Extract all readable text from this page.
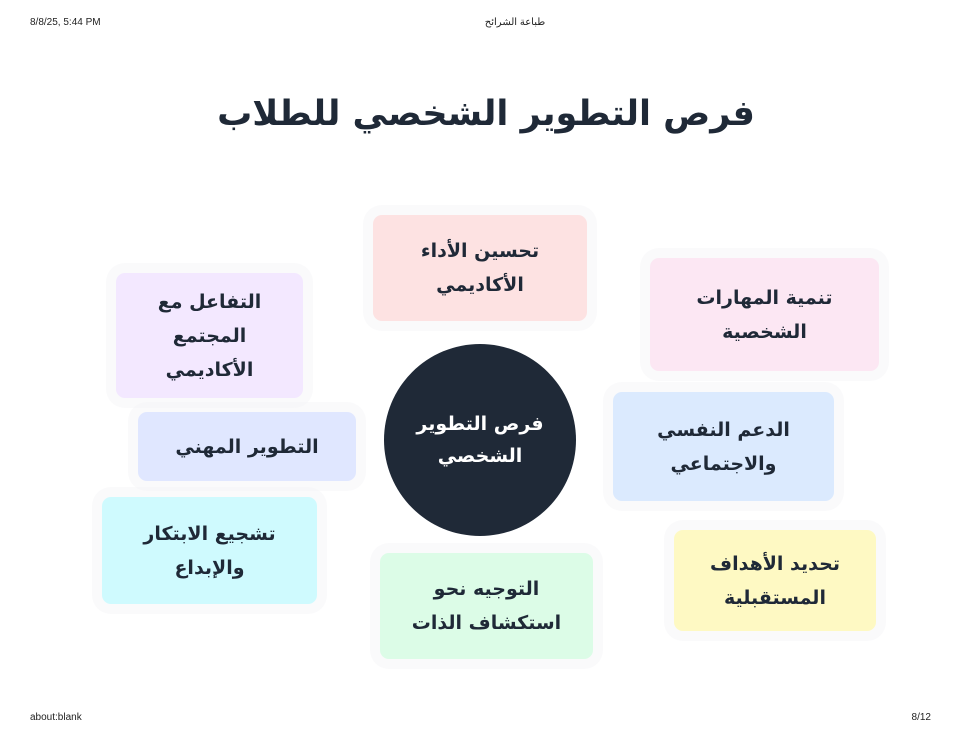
8/8/25, 5:44 PM	طباعة الشرائح
فرص التطوير الشخصي للطلاب
فرص التطوير الشخصي
تحسين الأداء الأكاديمي
تنمية المهارات الشخصية
الدعم النفسي والاجتماعي
تحديد الأهداف المستقبلية
التوجيه نحو استكشاف الذات
تشجيع الابتكار والإبداع
التطوير المهني
التفاعل مع المجتمع الأكاديمي
about:blank	8/12
